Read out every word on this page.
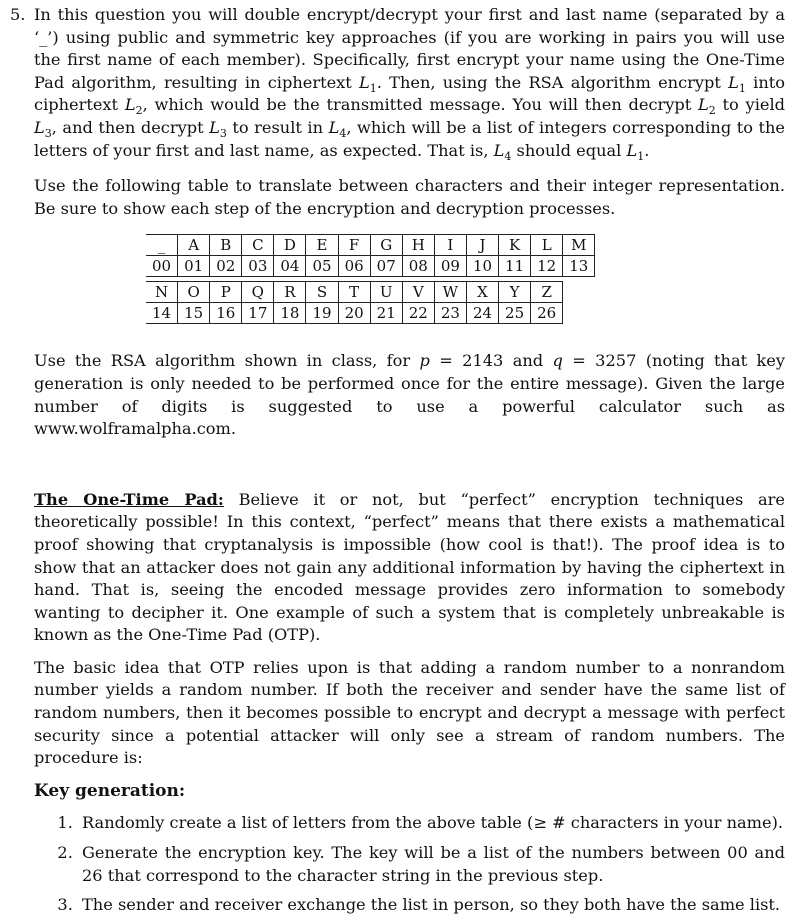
5. In this question you will double encrypt/decrypt your first and last name (separated by a ‘_’) using public and symmetric key approaches (if you are working in pairs you will use the first name of each member). Specifically, first encrypt your name using the One-Time Pad algorithm, resulting in ciphertext $L_1$. Then, using the RSA algorithm encrypt $L_1$ into ciphertext $L_2$, which would be the transmitted message. You will then decrypt $L_2$ to yield $L_3$, and then decrypt $L_3$ to result in $L_4$, which will be a list of integers corresponding to the letters of your first and last name, as expected. That is, $L_4$ should equal $L_1$.

Use the following table to translate between characters and their integer representation. Be sure to show each step of the encryption and decryption processes.

_	A	B	C	D	E	F	G	H	I	J	K	L	M
00	01	02	03	04	05	06	07	08	09	10	11	12	13
N	O	P	Q	R	S	T	U	V	W	X	Y	Z
14	15	16	17	18	19	20	21	22	23	24	25	26

Use the RSA algorithm shown in class, for p = 2143 and q = 3257 (noting that key generation is only needed to be performed once for the entire message). Given the large number of digits is suggested to use a powerful calculator such as www.wolframalpha.com.

The One-Time Pad: Believe it or not, but “perfect” encryption techniques are theoretically possible! In this context, “perfect” means that there exists a mathematical proof showing that cryptanalysis is impossible (how cool is that!). The proof idea is to show that an attacker does not gain any additional information by having the ciphertext in hand. That is, seeing the encoded message provides zero information to somebody wanting to decipher it. One example of such a system that is completely unbreakable is known as the One-Time Pad (OTP).

The basic idea that OTP relies upon is that adding a random number to a nonrandom number yields a random number. If both the receiver and sender have the same list of random numbers, then it becomes possible to encrypt and decrypt a message with perfect security since a potential attacker will only see a stream of random numbers. The procedure is:

Key generation:

1. Randomly create a list of letters from the above table (≥ # characters in your name).
2. Generate the encryption key. The key will be a list of the numbers between 00 and 26 that correspond to the character string in the previous step.
3. The sender and receiver exchange the list in person, so they both have the same list.
